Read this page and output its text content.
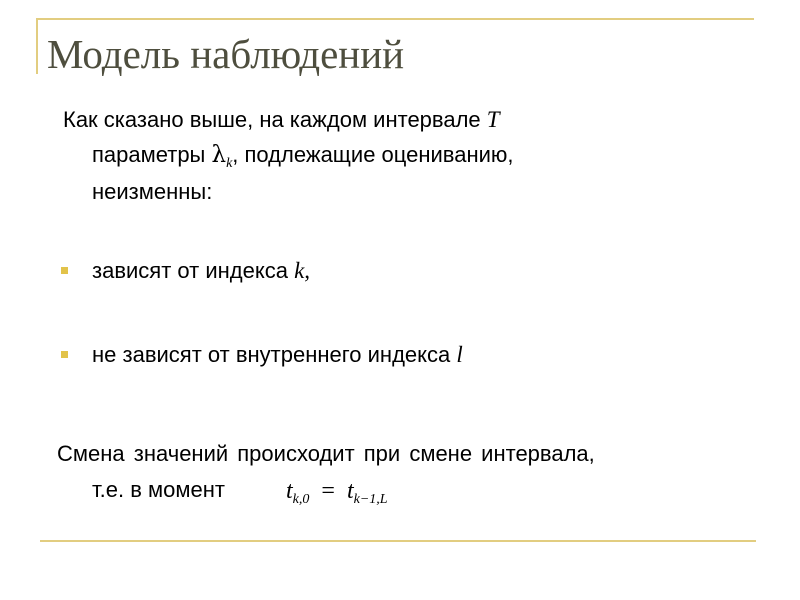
Модель наблюдений
Как сказано выше, на каждом интервале T
параметры $\lambda_k$, подлежащие оцениванию,
неизменны:
зависят от индекса k,
не зависят от внутреннего индекса l
Смена значений происходит при смене интервала,
т.е. в момент	$t_{k,0} = t_{k-1,L}$
